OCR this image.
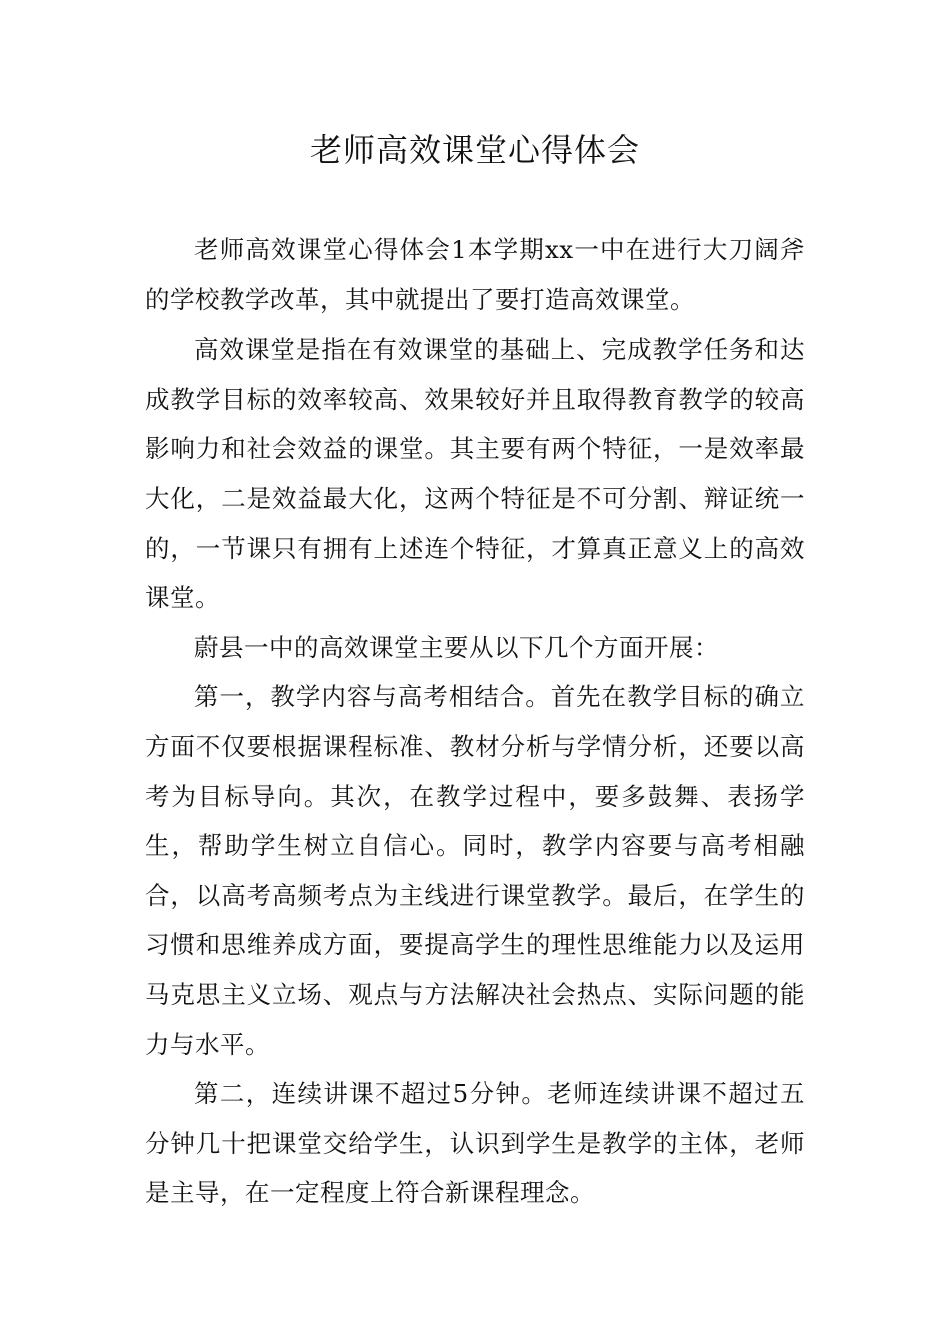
老师高效课堂心得体会

老师高效课堂心得体会1本学期xx一中在进行大刀阔斧的学校教学改革，其中就提出了要打造高效课堂。

高效课堂是指在有效课堂的基础上、完成教学任务和达成教学目标的效率较高、效果较好并且取得教育教学的较高影响力和社会效益的课堂。其主要有两个特征，一是效率最大化，二是效益最大化，这两个特征是不可分割、辩证统一的，一节课只有拥有上述连个特征，才算真正意义上的高效课堂。

蔚县一中的高效课堂主要从以下几个方面开展：

第一，教学内容与高考相结合。首先在教学目标的确立方面不仅要根据课程标准、教材分析与学情分析，还要以高考为目标导向。其次，在教学过程中，要多鼓舞、表扬学生，帮助学生树立自信心。同时，教学内容要与高考相融合，以高考高频考点为主线进行课堂教学。最后，在学生的习惯和思维养成方面，要提高学生的理性思维能力以及运用马克思主义立场、观点与方法解决社会热点、实际问题的能力与水平。

第二，连续讲课不超过5分钟。老师连续讲课不超过五分钟几十把课堂交给学生，认识到学生是教学的主体，老师是主导，在一定程度上符合新课程理念。
